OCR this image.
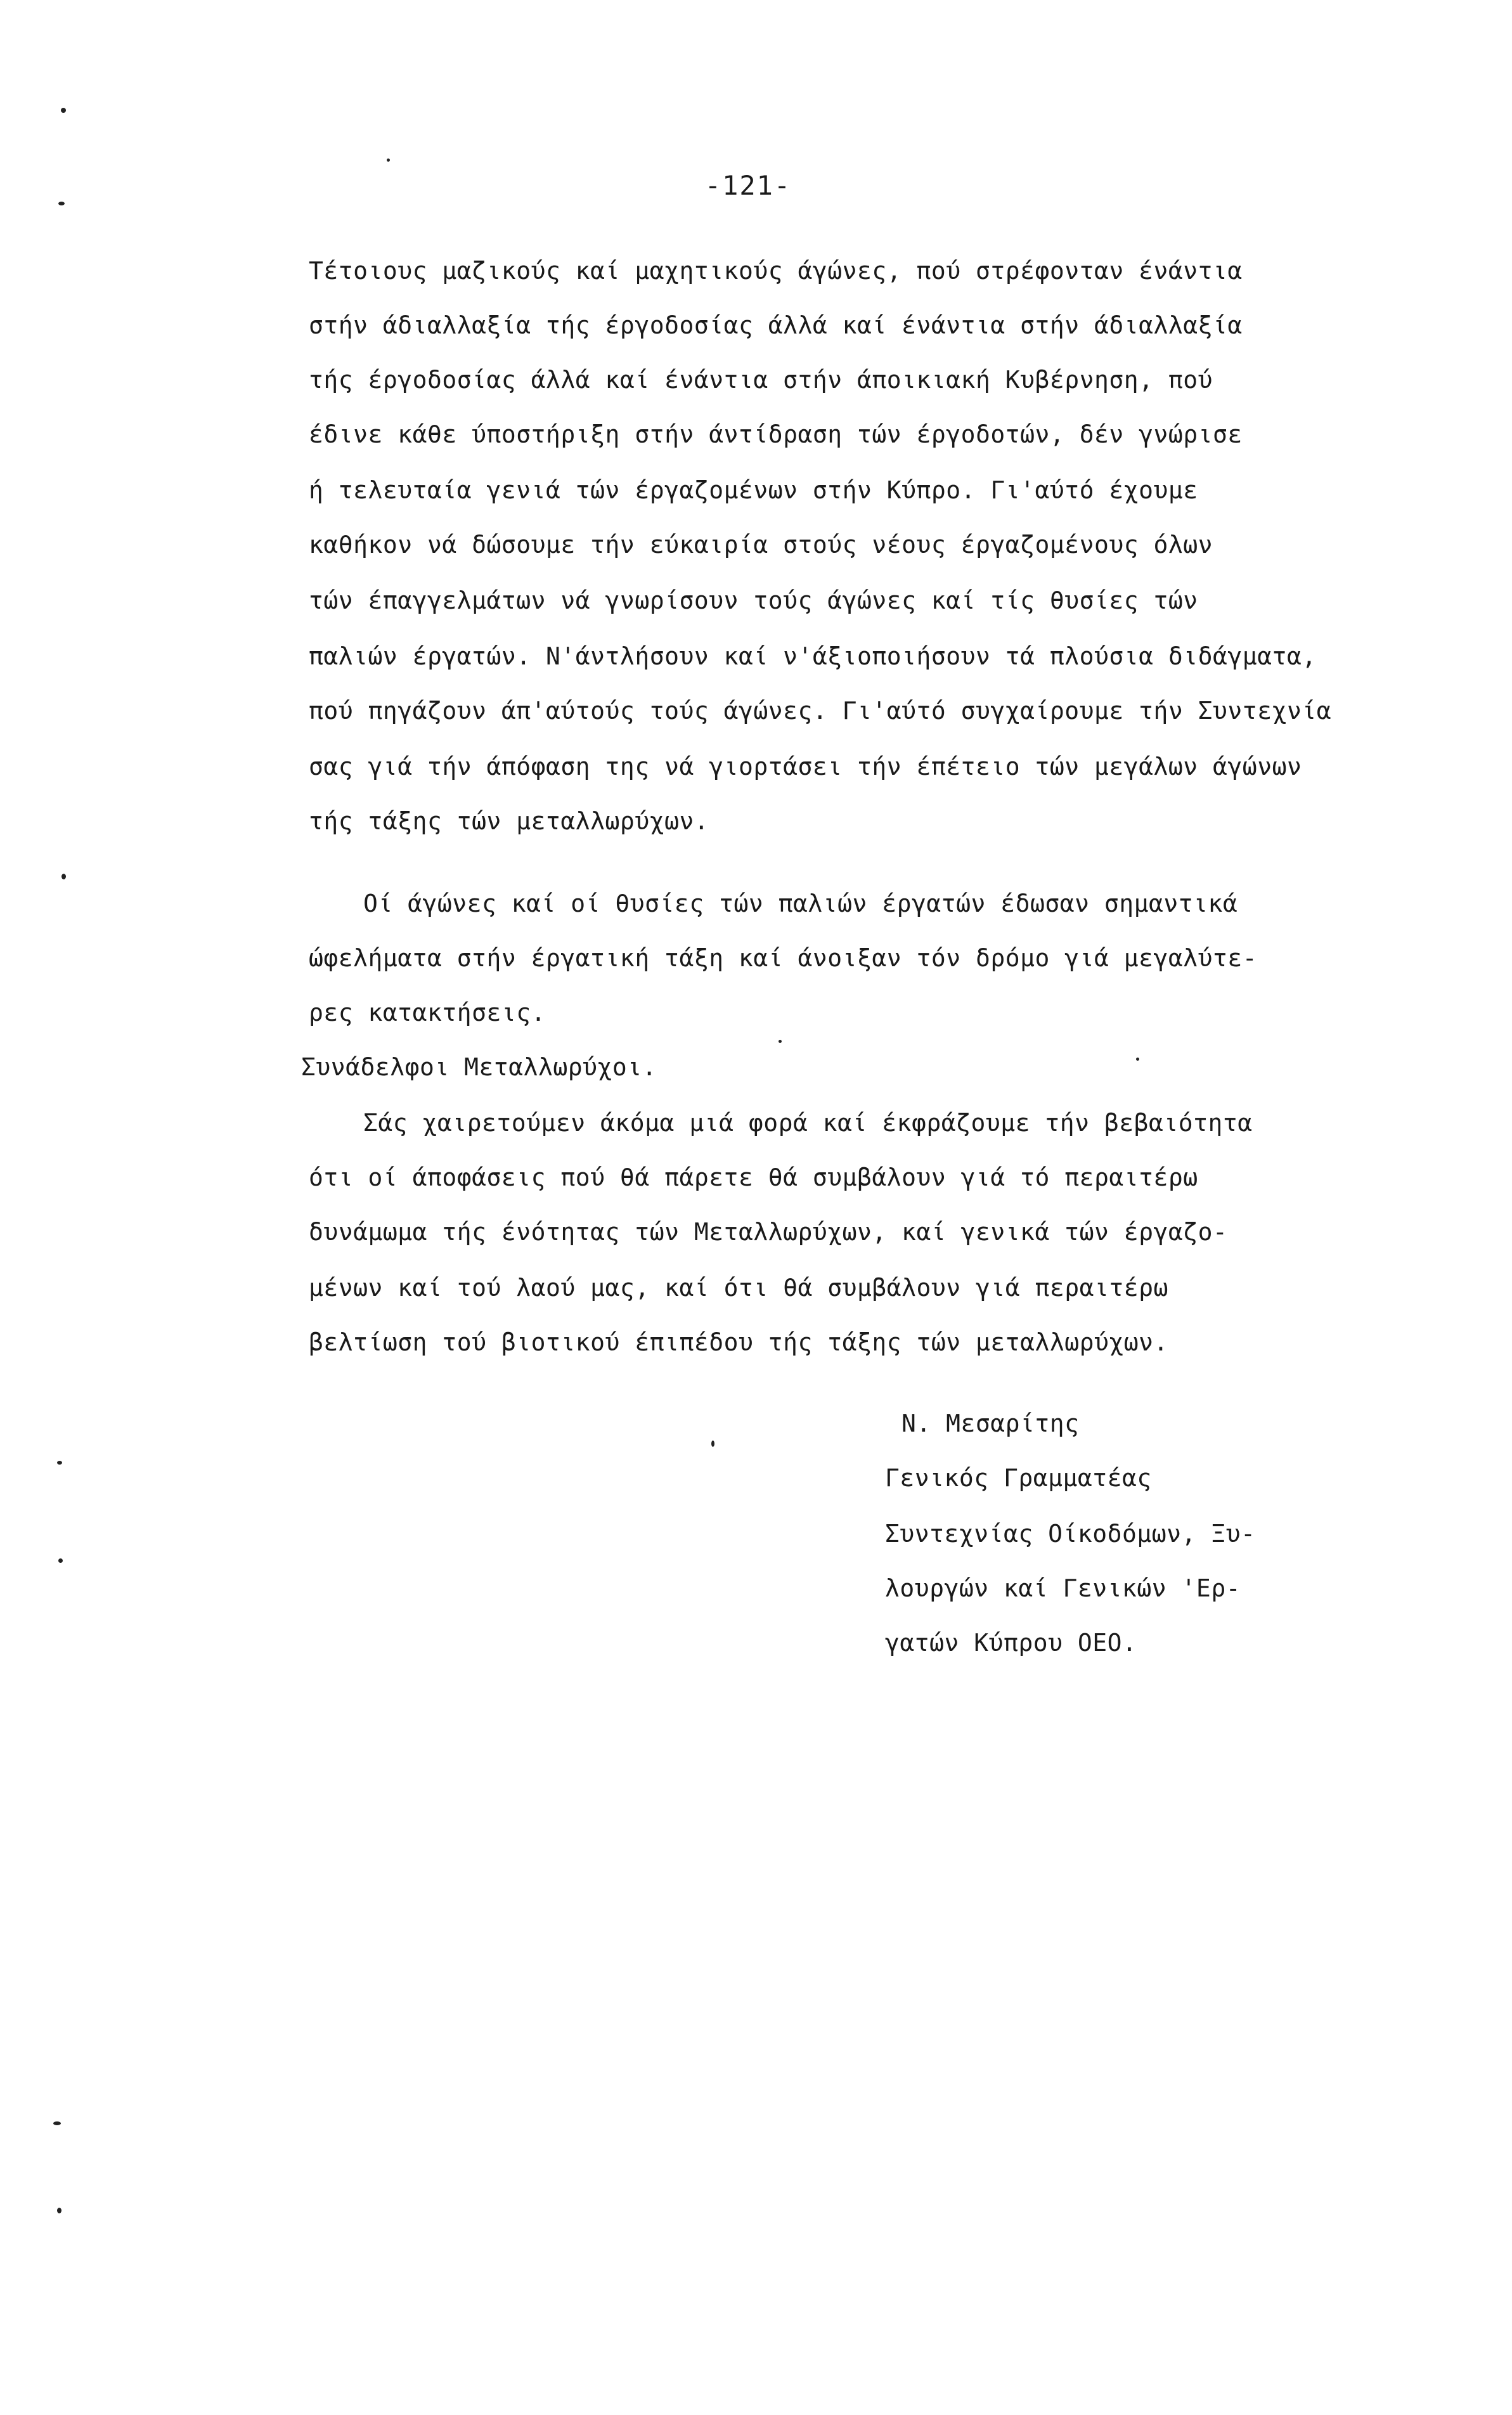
-121-
Τέτοιους μαζικούς καί μαχητικούς άγώνες, πού στρέφονταν ένάντια
στήν άδιαλλαξία τής έργοδοσίας άλλά καί ένάντια στήν άδιαλλαξία
τής έργοδοσίας άλλά καί ένάντια στήν άποικιακή Κυβέρνηση, πού
έδινε κάθε ύποστήριξη στήν άντίδραση τών έργοδοτών, δέν γνώρισε
ή τελευταία γενιά τών έργαζομένων στήν Κύπρο. Γι'αύτό έχουμε
καθήκον νά δώσουμε τήν εύκαιρία στούς νέους έργαζομένους όλων
τών έπαγγελμάτων νά γνωρίσουν τούς άγώνες καί τίς θυσίες τών
παλιών έργατών. Ν'άντλήσουν καί ν'άξιοποιήσουν τά πλούσια διδάγματα,
πού πηγάζουν άπ'αύτούς τούς άγώνες. Γι'αύτό συγχαίρουμε τήν Συντεχνία
σας γιά τήν άπόφαση της νά γιορτάσει τήν έπέτειο τών μεγάλων άγώνων
τής τάξης τών μεταλλωρύχων.
Οί άγώνες καί οί θυσίες τών παλιών έργατών έδωσαν σημαντικά
ώφελήματα στήν έργατική τάξη καί άνοιξαν τόν δρόμο γιά μεγαλύτε-
ρες κατακτήσεις.
Συνάδελφοι Μεταλλωρύχοι.
Σάς χαιρετούμεν άκόμα μιά φορά καί έκφράζουμε τήν βεβαιότητα
ότι οί άποφάσεις πού θά πάρετε θά συμβάλουν γιά τό περαιτέρω
δυνάμωμα τής ένότητας τών Μεταλλωρύχων, καί γενικά τών έργαζο-
μένων καί τού λαού μας, καί ότι θά συμβάλουν γιά περαιτέρω
βελτίωση τού βιοτικού έπιπέδου τής τάξης τών μεταλλωρύχων.
Ν. Μεσαρίτης
Γενικός Γραμματέας
Συντεχνίας Οίκοδόμων, Ξυ-
λουργών καί Γενικών 'Ερ-
γατών Κύπρου ΟΕΟ.
